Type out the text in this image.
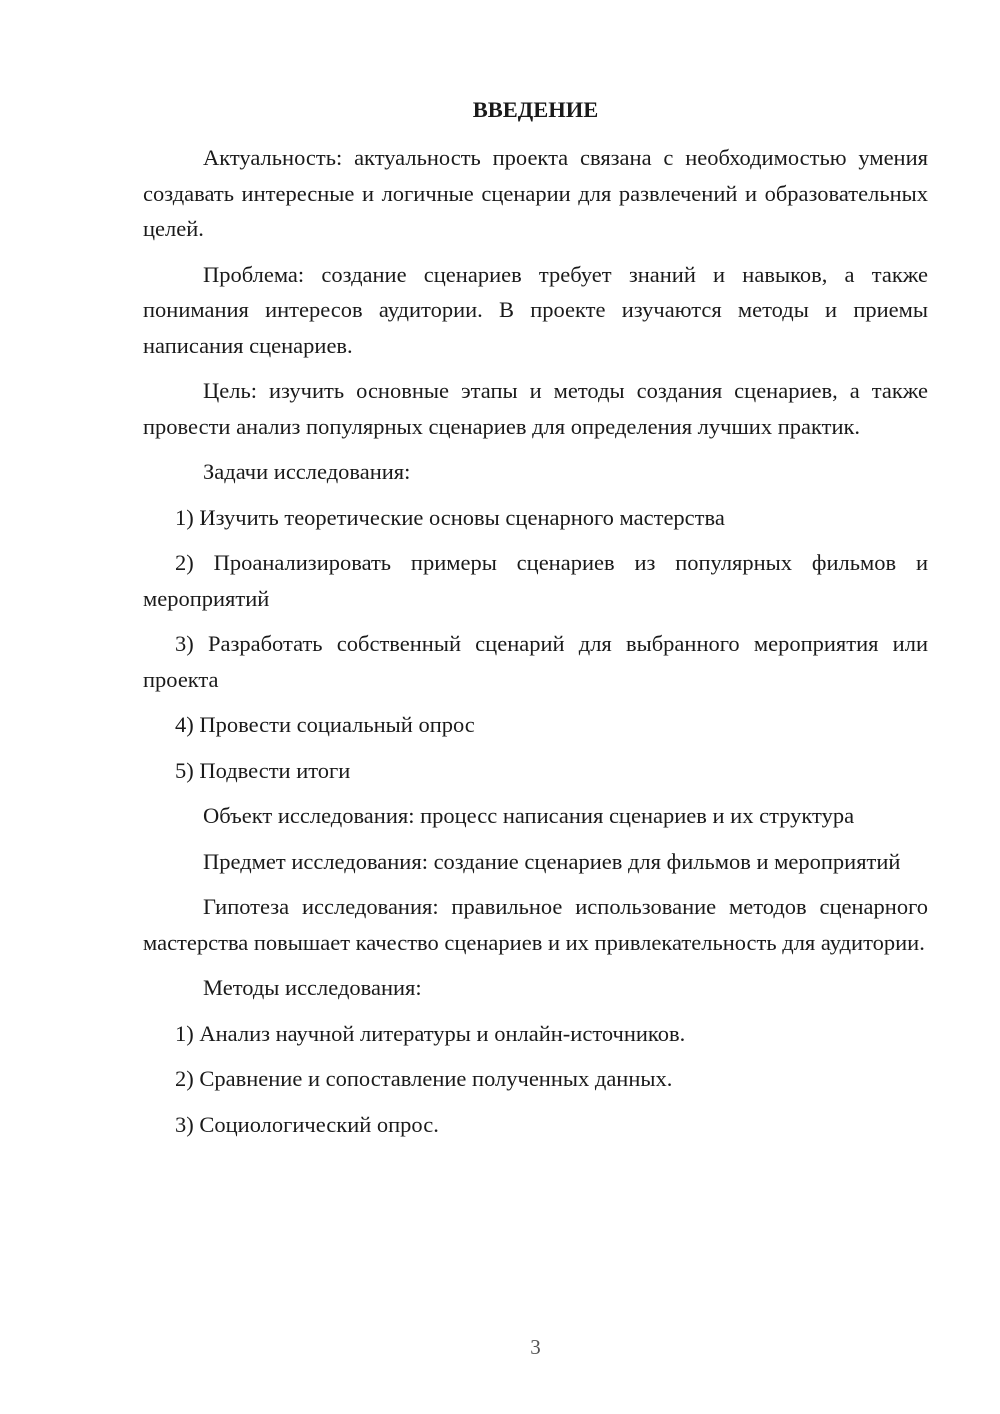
ВВЕДЕНИЕ

Актуальность: актуальность проекта связана с необходимостью умения создавать интересные и логичные сценарии для развлечений и образовательных целей.

Проблема: создание сценариев требует знаний и навыков, а также понимания интересов аудитории. В проекте изучаются методы и приемы написания сценариев.

Цель: изучить основные этапы и методы создания сценариев, а также провести анализ популярных сценариев для определения лучших практик.

Задачи исследования:

1) Изучить теоретические основы сценарного мастерства

2) Проанализировать примеры сценариев из популярных фильмов и мероприятий

3) Разработать собственный сценарий для выбранного мероприятия или проекта

4) Провести социальный опрос

5) Подвести итоги

Объект исследования: процесс написания сценариев и их структура

Предмет исследования: создание сценариев для фильмов и мероприятий

Гипотеза исследования: правильное использование методов сценарного мастерства повышает качество сценариев и их привлекательность для аудитории.

Методы исследования:

1) Анализ научной литературы и онлайн-источников.

2) Сравнение и сопоставление полученных данных.

3) Социологический опрос.

3
